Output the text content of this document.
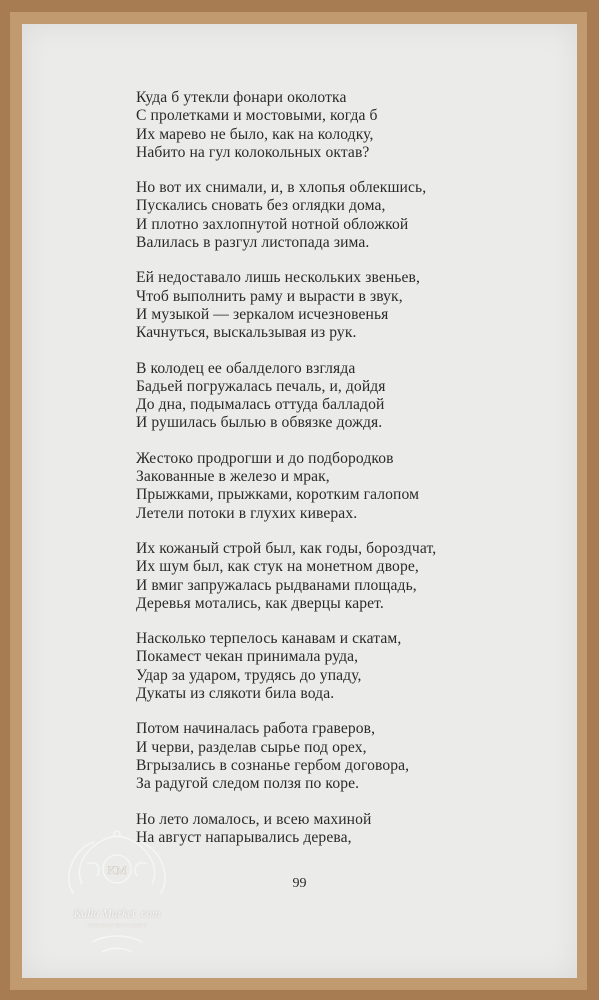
Куда б утекли фонари околотка
С пролетками и мостовыми, когда б
Их марево не было, как на колодку,
Набито на гул колокольных октав?
Но вот их снимали, и, в хлопья облекшись,
Пускались сновать без оглядки дома,
И плотно захлопнутой нотной обложкой
Валилась в разгул листопада зима.
Ей недоставало лишь нескольких звеньев,
Чтоб выполнить раму и вырасти в звук,
И музыкой — зеркалом исчезновенья
Качнуться, выскальзывая из рук.
В колодец ее обалделого взгляда
Бадьей погружалась печаль, и, дойдя
До дна, подымалась оттуда балладой
И рушилась былью в обвязке дождя.
Жестоко продрогши и до подбородков
Закованные в железо и мрак,
Прыжками, прыжками, коротким галопом
Летели потоки в глухих киверах.
Их кожаный строй был, как годы, бороздчат,
Их шум был, как стук на монетном дворе,
И вмиг запружалась рыдванами площадь,
Деревья мотались, как дверцы карет.
Насколько терпелось канавам и скатам,
Покамест чекан принимала руда,
Удар за ударом, трудясь до упаду,
Дукаты из слякоти била вода.
Потом начиналась работа граверов,
И черви, разделав сырье под орех,
Вгрызались в сознанье гербом договора,
За радугой следом ползя по коре.
Но лето ломалось, и всею махиной
На август напарывались дерева,
99
KM
Kalia Market .com
ЖЕНСКИЙ ПОСТАВЩИК
